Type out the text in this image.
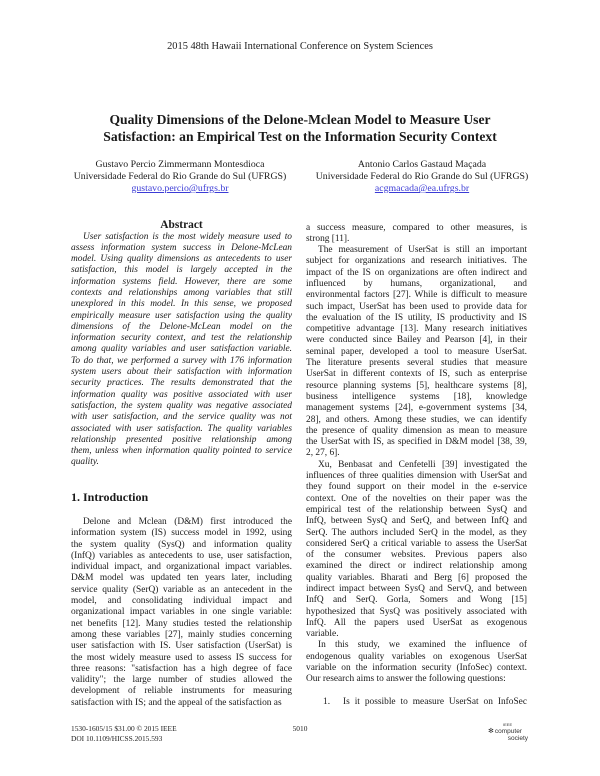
2015 48th Hawaii International Conference on System Sciences
Quality Dimensions of the Delone-Mclean Model to Measure User
Satisfaction: an Empirical Test on the Information Security Context
Gustavo Percio Zimmermann Montesdioca
Universidade Federal do Rio Grande do Sul (UFRGS)
gustavo.percio@ufrgs.br
Antonio Carlos Gastaud Maçada
Universidade Federal do Rio Grande do Sul (UFRGS)
acgmacada@ea.ufrgs.br
Abstract
User satisfaction is the most widely measure used to
assess information system success in Delone-McLean
model. Using quality dimensions as antecedents to user
satisfaction, this model is largely accepted in the
information systems field. However, there are some
contexts and relationships among variables that still
unexplored in this model. In this sense, we proposed
empirically measure user satisfaction using the quality
dimensions of the Delone-McLean model on the
information security context, and test the relationship
among quality variables and user satisfaction variable.
To do that, we performed a survey with 176 information
system users about their satisfaction with information
security practices. The results demonstrated that the
information quality was positive associated with user
satisfaction, the system quality was negative associated
with user satisfaction, and the service quality was not
associated with user satisfaction. The quality variables
relationship presented positive relationship among
them, unless when information quality pointed to service
quality.
1. Introduction
Delone and Mclean (D&M) first introduced the
information system (IS) success model in 1992, using
the system quality (SysQ) and information quality
(InfQ) variables as antecedents to use, user satisfaction,
individual impact, and organizational impact variables.
D&M model was updated ten years later, including
service quality (SerQ) variable as an antecedent in the
model, and consolidating individual impact and
organizational impact variables in one single variable:
net benefits [12]. Many studies tested the relationship
among these variables [27], mainly studies concerning
user satisfaction with IS. User satisfaction (UserSat) is
the most widely measure used to assess IS success for
three reasons: "satisfaction has a high degree of face
validity"; the large number of studies allowed the
development of reliable instruments for measuring
satisfaction with IS; and the appeal of the satisfaction as
a success measure, compared to other measures, is
strong [11].
The measurement of UserSat is still an important
subject for organizations and research initiatives. The
impact of the IS on organizations are often indirect and
influenced by humans, organizational, and
environmental factors [27]. While is difficult to measure
such impact, UserSat has been used to provide data for
the evaluation of the IS utility, IS productivity and IS
competitive advantage [13]. Many research initiatives
were conducted since Bailey and Pearson [4], in their
seminal paper, developed a tool to measure UserSat.
The literature presents several studies that measure
UserSat in different contexts of IS, such as enterprise
resource planning systems [5], healthcare systems [8],
business intelligence systems [18], knowledge
management systems [24], e-government systems [34,
28], and others. Among these studies, we can identify
the presence of quality dimension as mean to measure
the UserSat with IS, as specified in D&M model [38, 39,
2, 27, 6].
Xu, Benbasat and Cenfetelli [39] investigated the
influences of three qualities dimension with UserSat and
they found support on their model in the e-service
context. One of the novelties on their paper was the
empirical test of the relationship between SysQ and
InfQ, between SysQ and SerQ, and between InfQ and
SerQ. The authors included SerQ in the model, as they
considered SerQ a critical variable to assess the UserSat
of the consumer websites. Previous papers also
examined the direct or indirect relationship among
quality variables. Bharati and Berg [6] proposed the
indirect impact between SysQ and ServQ, and between
InfQ and SerQ. Gorla, Somers and Wong [15]
hypothesized that SysQ was positively associated with
InfQ. All the papers used UserSat as exogenous
variable.
In this study, we examined the influence of
endogenous quality variables on exogenous UserSat
variable on the information security (InfoSec) context.
Our research aims to answer the following questions:
1.	Is it possible to measure UserSat on InfoSec
1530-1605/15 $31.00 © 2015 IEEE
DOI 10.1109/HICSS.2015.593
5010	IEEE
✻ computer
society
